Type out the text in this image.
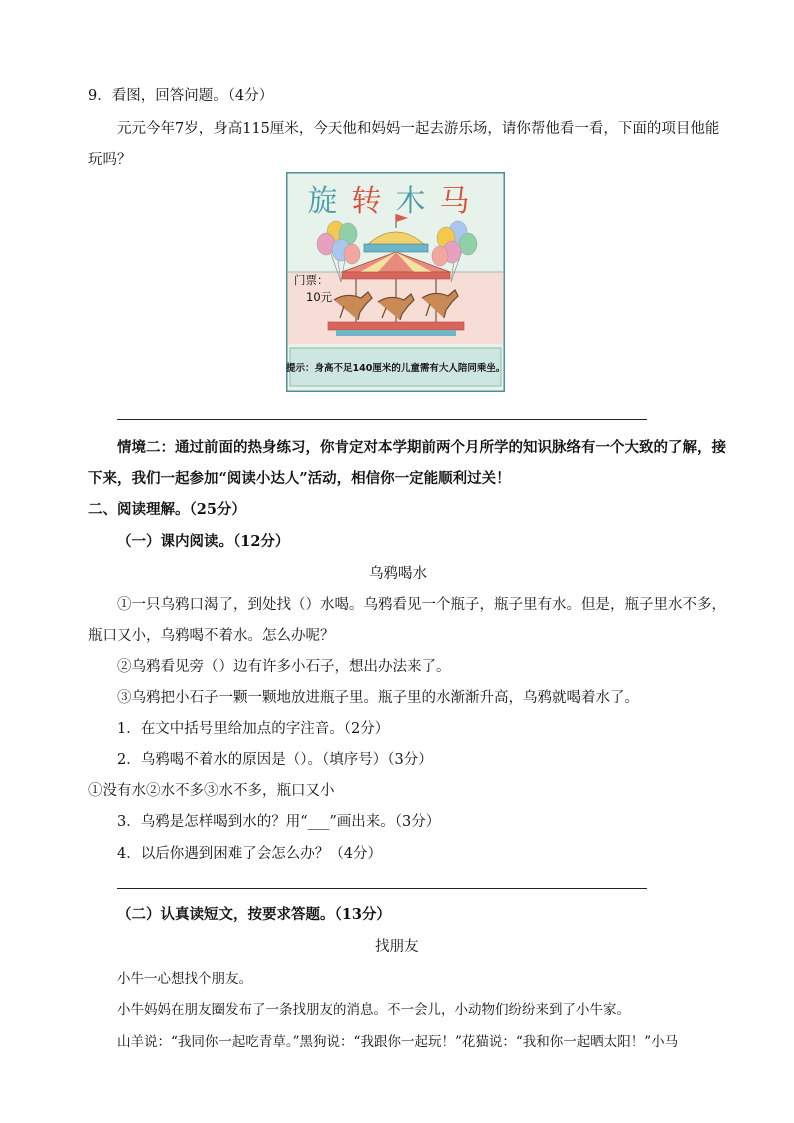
9．看图，回答问题。（4分）
元元今年7岁，身高115厘米，今天他和妈妈一起去游乐场，请你帮他看一看，下面的项目他能
玩吗？
旋转木马
门票：
10元
提示：身高不足140厘米的儿童需有大人陪同乘坐。
情境二：通过前面的热身练习，你肯定对本学期前两个月所学的知识脉络有一个大致的了解，接
下来，我们一起参加“阅读小达人”活动，相信你一定能顺利过关！
二、阅读理解。（25分）
（一）课内阅读。（12分）
乌鸦喝水
①一只乌鸦口渴了，到处找（）水喝。乌鸦看见一个瓶子，瓶子里有水。但是，瓶子里水不多，
瓶口又小，乌鸦喝不着水。怎么办呢？
②乌鸦看见旁（）边有许多小石子，想出办法来了。
③乌鸦把小石子一颗一颗地放进瓶子里。瓶子里的水渐渐升高，乌鸦就喝着水了。
1．在文中括号里给加点的字注音。（2分）
2．乌鸦喝不着水的原因是（）。（填序号）（3分）
①没有水②水不多③水不多，瓶口又小
3．乌鸦是怎样喝到水的？用“___”画出来。（3分）
4．以后你遇到困难了会怎么办？（4分）
（二）认真读短文，按要求答题。（13分）
找朋友
小牛一心想找个朋友。
小牛妈妈在朋友圈发布了一条找朋友的消息。不一会儿，小动物们纷纷来到了小牛家。
山羊说：“我同你一起吃青草。”黑狗说：“我跟你一起玩！”花猫说：“我和你一起晒太阳！”小马
